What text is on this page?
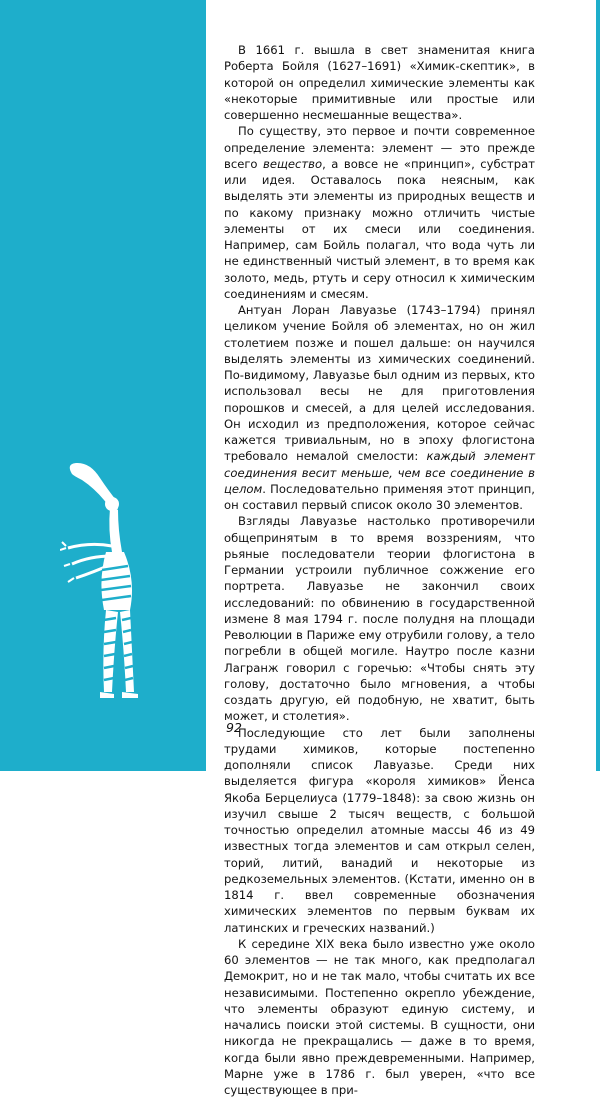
В 1661 г. вышла в свет знаменитая книга Роберта Бойля (1627–1691) «Химик-скептик», в которой он определил химические элементы как «некоторые примитивные или простые или совершенно несмешанные вещества».

По существу, это первое и почти современное определение элемента: элемент — это прежде всего вещество, а вовсе не «принцип», субстрат или идея. Оставалось пока неясным, как выделять эти элементы из природных веществ и по какому признаку можно отличить чистые элементы от их смеси или соединения. Например, сам Бойль полагал, что вода чуть ли не единственный чистый элемент, в то время как золото, медь, ртуть и серу относил к химическим соединениям и смесям.

Антуан Лоран Лавуазье (1743–1794) принял целиком учение Бойля об элементах, но он жил столетием позже и пошел дальше: он научился выделять элементы из химических соединений. По-видимому, Лавуазье был одним из первых, кто использовал весы не для приготовления порошков и смесей, а для целей исследования. Он исходил из предположения, которое сейчас кажется тривиальным, но в эпоху флогистона требовало немалой смелости: каждый элемент соединения весит меньше, чем все соединение в целом. Последовательно применяя этот принцип, он составил первый список около 30 элементов.

Взгляды Лавуазье настолько противоречили общепринятым в то время воззрениям, что рьяные последователи теории флогистона в Германии устроили публичное сожжение его портрета. Лавуазье не закончил своих исследований: по обвинению в государственной измене 8 мая 1794 г. после полудня на площади Революции в Париже ему отрубили голову, а тело погребли в общей могиле. Наутро после казни Лагранж говорил с горечью: «Чтобы снять эту голову, достаточно было мгновения, а чтобы создать другую, ей подобную, не хватит, быть может, и столетия».

Последующие сто лет были заполнены трудами химиков, которые постепенно дополняли список Лавуазье. Среди них выделяется фигура «короля химиков» Йенса Якоба Берцелиуса (1779–1848): за свою жизнь он изучил свыше 2 тысяч веществ, с большой точностью определил атомные массы 46 из 49 известных тогда элементов и сам открыл селен, торий, литий, ванадий и некоторые из редкоземельных элементов. (Кстати, именно он в 1814 г. ввел современные обозначения химических элементов по первым буквам их латинских и греческих названий.)

К середине XIX века было известно уже около 60 элементов — не так много, как предполагал Демокрит, но и не так мало, чтобы считать их все независимыми. Постепенно окрепло убеждение, что элементы образуют единую систему, и начались поиски этой системы. В сущности, они никогда не прекращались — даже в то время, когда были явно преждевременными. Например, Марне уже в 1786 г. был уверен, «что все существующее в при-

92
